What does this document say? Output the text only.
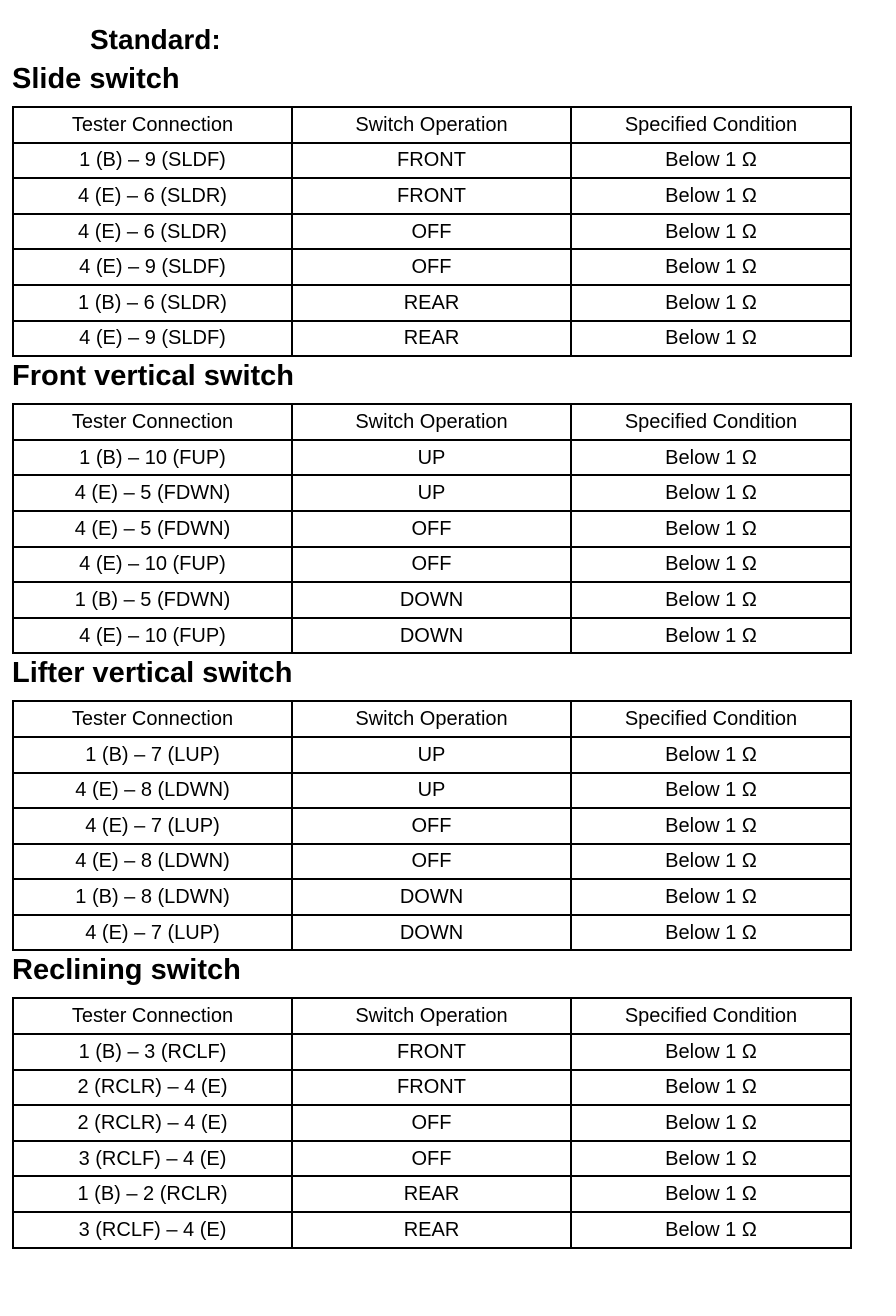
Standard:
Slide switch
Tester Connection	Switch Operation	Specified Condition
1 (B) – 9 (SLDF)	FRONT	Below 1 Ω
4 (E) – 6 (SLDR)	FRONT	Below 1 Ω
4 (E) – 6 (SLDR)	OFF	Below 1 Ω
4 (E) – 9 (SLDF)	OFF	Below 1 Ω
1 (B) – 6 (SLDR)	REAR	Below 1 Ω
4 (E) – 9 (SLDF)	REAR	Below 1 Ω
Front vertical switch
Tester Connection	Switch Operation	Specified Condition
1 (B) – 10 (FUP)	UP	Below 1 Ω
4 (E) – 5 (FDWN)	UP	Below 1 Ω
4 (E) – 5 (FDWN)	OFF	Below 1 Ω
4 (E) – 10 (FUP)	OFF	Below 1 Ω
1 (B) – 5 (FDWN)	DOWN	Below 1 Ω
4 (E) – 10 (FUP)	DOWN	Below 1 Ω
Lifter vertical switch
Tester Connection	Switch Operation	Specified Condition
1 (B) – 7 (LUP)	UP	Below 1 Ω
4 (E) – 8 (LDWN)	UP	Below 1 Ω
4 (E) – 7 (LUP)	OFF	Below 1 Ω
4 (E) – 8 (LDWN)	OFF	Below 1 Ω
1 (B) – 8 (LDWN)	DOWN	Below 1 Ω
4 (E) – 7 (LUP)	DOWN	Below 1 Ω
Reclining switch
Tester Connection	Switch Operation	Specified Condition
1 (B) – 3 (RCLF)	FRONT	Below 1 Ω
2 (RCLR) – 4 (E)	FRONT	Below 1 Ω
2 (RCLR) – 4 (E)	OFF	Below 1 Ω
3 (RCLF) – 4 (E)	OFF	Below 1 Ω
1 (B) – 2 (RCLR)	REAR	Below 1 Ω
3 (RCLF) – 4 (E)	REAR	Below 1 Ω
